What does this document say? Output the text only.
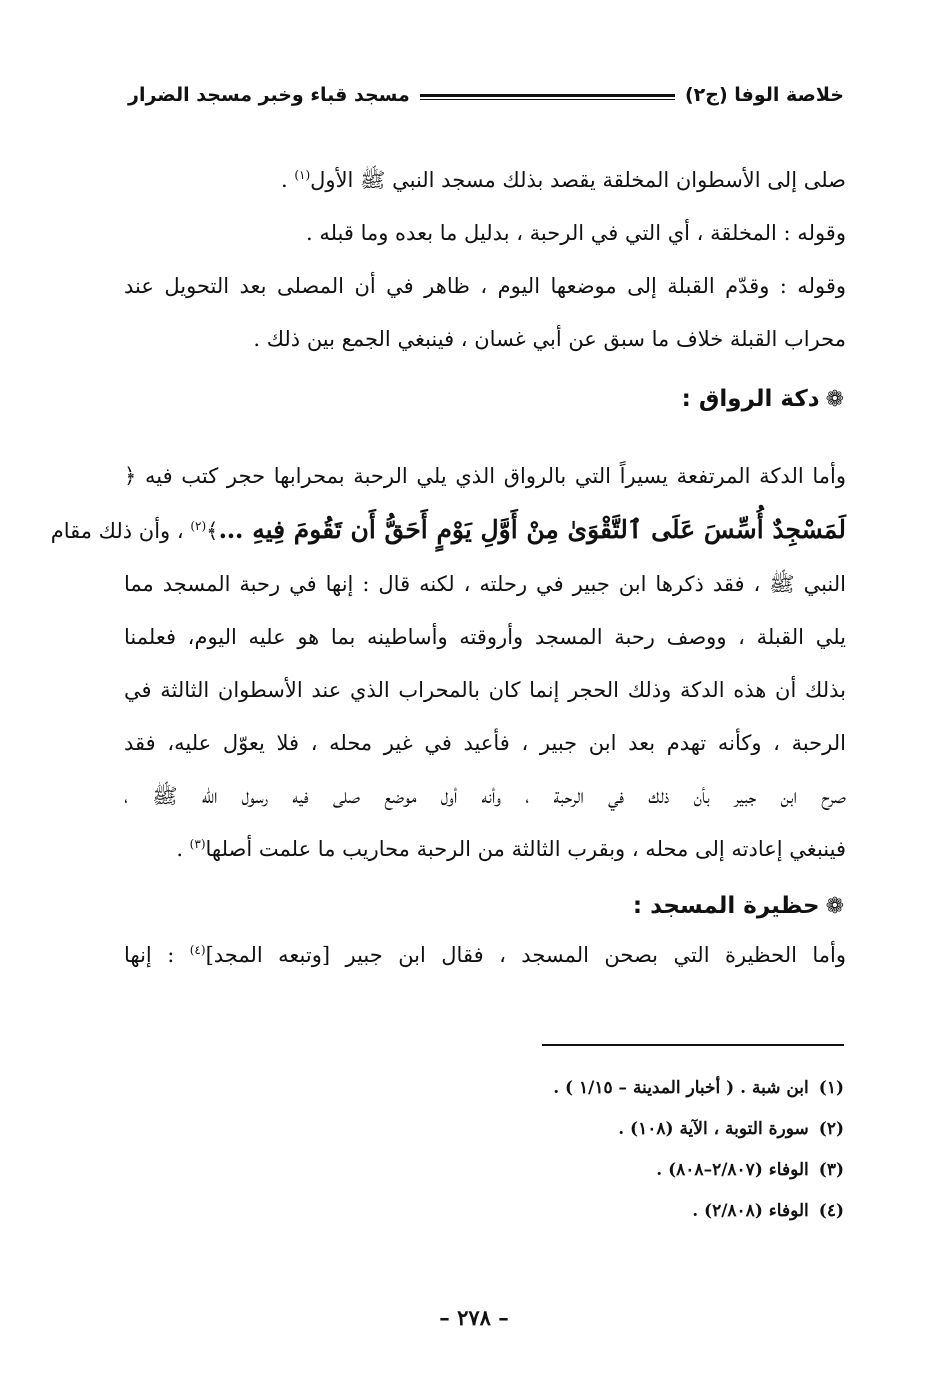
خلاصة الوفا (ج٢)
مسجد قباء وخبر مسجد الضرار
صلى إلى الأسطوان المخلقة يقصد بذلك مسجد النبي ﷺ الأول$^{(١)}$ .
وقوله : المخلقة ، أي التي في الرحبة ، بدليل ما بعده وما قبله .
وقوله : وقدّم القبلة إلى موضعها اليوم ، ظاهر في أن المصلى بعد التحويل عند
محراب القبلة خلاف ما سبق عن أبي غسان ، فينبغي الجمع بين ذلك .
❁دكة الرواق :
وأما الدكة المرتفعة يسيراً التي بالرواق الذي يلي الرحبة بمحرابها حجر كتب فيه ﴿
لَمَسْجِدٌ أُسِّسَ عَلَى ٱلتَّقْوَىٰ مِنْ أَوَّلِ يَوْمٍ أَحَقُّ أَن تَقُومَ فِيهِ …﴾$^{(٢)}$ ، وأن ذلك مقام
النبي ﷺ ، فقد ذكرها ابن جبير في رحلته ، لكنه قال : إنها في رحبة المسجد مما
يلي القبلة ، ووصف رحبة المسجد وأروقته وأساطينه بما هو عليه اليوم، فعلمنا
بذلك أن هذه الدكة وذلك الحجر إنما كان بالمحراب الذي عند الأسطوان الثالثة في
الرحبة ، وكأنه تهدم بعد ابن جبير ، فأعيد في غير محله ، فلا يعوّل عليه، فقد
صرح ابن جبير بأن ذلك في الرحبة ، وأنه أول موضع صلى فيه رسول الله ﷺ ،
فينبغي إعادته إلى محله ، وبقرب الثالثة من الرحبة محاريب ما علمت أصلها$^{(٣)}$ .
❁حظيرة المسجد :
وأما الحظيرة التي بصحن المسجد ، فقال ابن جبير [وتبعه المجد]$^{(٤)}$ : إنها
(١)ابن شبة . ( أخبار المدينة – ١/١٥ ) .
(٢)سورة التوبة ، الآية (١٠٨) .
(٣)الوفاء (٢/٨٠٧–٨٠٨) .
(٤)الوفاء (٢/٨٠٨) .
– ٢٧٨ –
